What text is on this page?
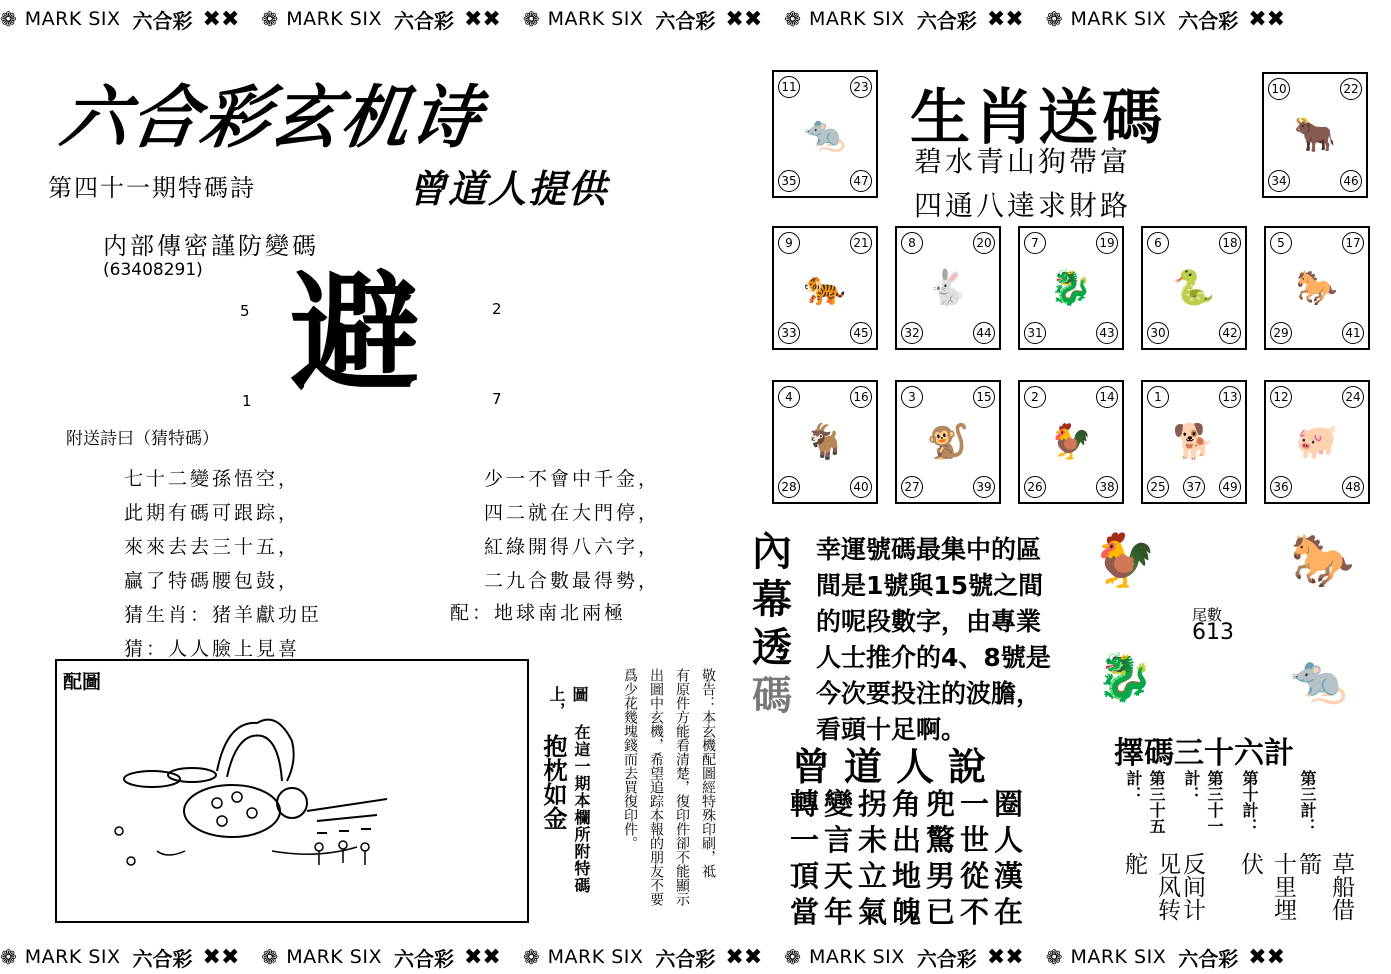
❁ MARK SIX 六合彩 ✖✖ ❁ MARK SIX 六合彩 ✖✖ ❁ MARK SIX 六合彩 ✖✖ ❁ MARK SIX 六合彩 ✖✖ ❁ MARK SIX 六合彩 ✖✖
❁ MARK SIX 六合彩 ✖✖ ❁ MARK SIX 六合彩 ✖✖ ❁ MARK SIX 六合彩 ✖✖ ❁ MARK SIX 六合彩 ✖✖ ❁ MARK SIX 六合彩 ✖✖
六合彩玄机诗
第四十一期特碼詩	曾道人提供
内部傳密謹防變碼
(63408291)
5	2
1	7
避
附送詩曰（猜特碼）
七十二變孫悟空，
此期有碼可跟踪，
來來去去三十五，
贏了特碼腰包鼓，
猜生肖：猪羊獻功臣
猜：人人臉上見喜
少一不會中千金，
四二就在大門停，
紅綠開得八六字，
二九合數最得勢，
配：地球南北兩極
配圖
在這一期本欄所附特碼
圖上，
抱枕如金	敬告：本玄機配圖經特殊印刷，祗
有原件方能看清楚，復印件卻不能顯示
出圖中玄機，希望追踪本報的朋友不要
爲少花幾塊錢而去買復印件。
生肖送碼
碧水青山狗帶富
四通八達求財路
11	23
35	47
🐀
10	22
34	46
🐂
9	21
33	45
🐅
8	20
32	44
🐇
7	19
31	43
🐉
6	18
30	42
🐍
5	17
29	41
🐎
4	16
28	40
🐐
3	15
27	39
🐒
2	14
26	38
🐓
1	13
25 37 49
🐕
12	24
36	48
🐖
內
幕
透
碼
幸運號碼最集中的區
間是1號與15號之間
的呢段數字，由專業
人士推介的4、8號是
今次要投注的波膽，
看頭十足啊。
🐓	🐎
🐉	🐀
尾數
613
曾道人說
轉變拐角兜一圈
一言未出驚世人
頂天立地男從漢
當年氣魄已不在
擇碼三十六計
第三計：
草船借箭
第十計：
十里埋伏
第三十一計：
反间计
第三十五計：
见风转舵
